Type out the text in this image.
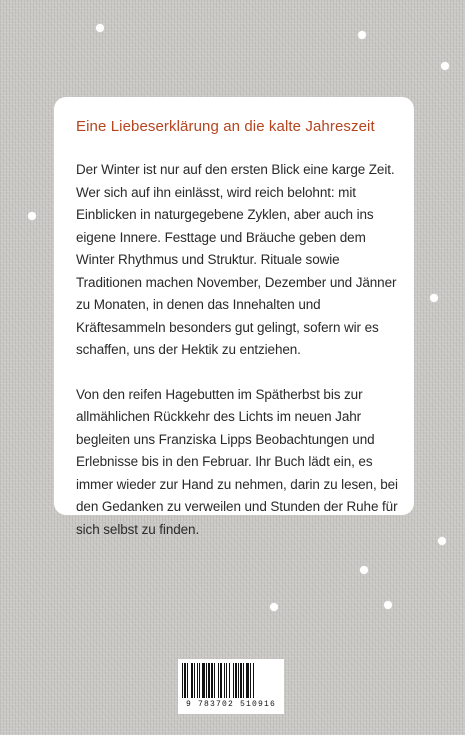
Eine Liebeserklärung an die kalte Jahreszeit

Der Winter ist nur auf den ersten Blick eine karge Zeit. Wer sich auf ihn einlässt, wird reich belohnt: mit Einblicken in naturgegebene Zyklen, aber auch ins eigene Innere. Festtage und Bräuche geben dem Winter Rhythmus und Struktur. Rituale sowie Traditionen machen November, Dezember und Jänner zu Monaten, in denen das Innehalten und Kräftesammeln besonders gut gelingt, sofern wir es schaffen, uns der Hektik zu entziehen.

Von den reifen Hagebutten im Spätherbst bis zur allmählichen Rückkehr des Lichts im neuen Jahr begleiten uns Franziska Lipps Beobachtungen und Erlebnisse bis in den Februar. Ihr Buch lädt ein, es immer wieder zur Hand zu nehmen, darin zu lesen, bei den Gedanken zu verweilen und Stunden der Ruhe für sich selbst zu finden.

9 783702 510916
